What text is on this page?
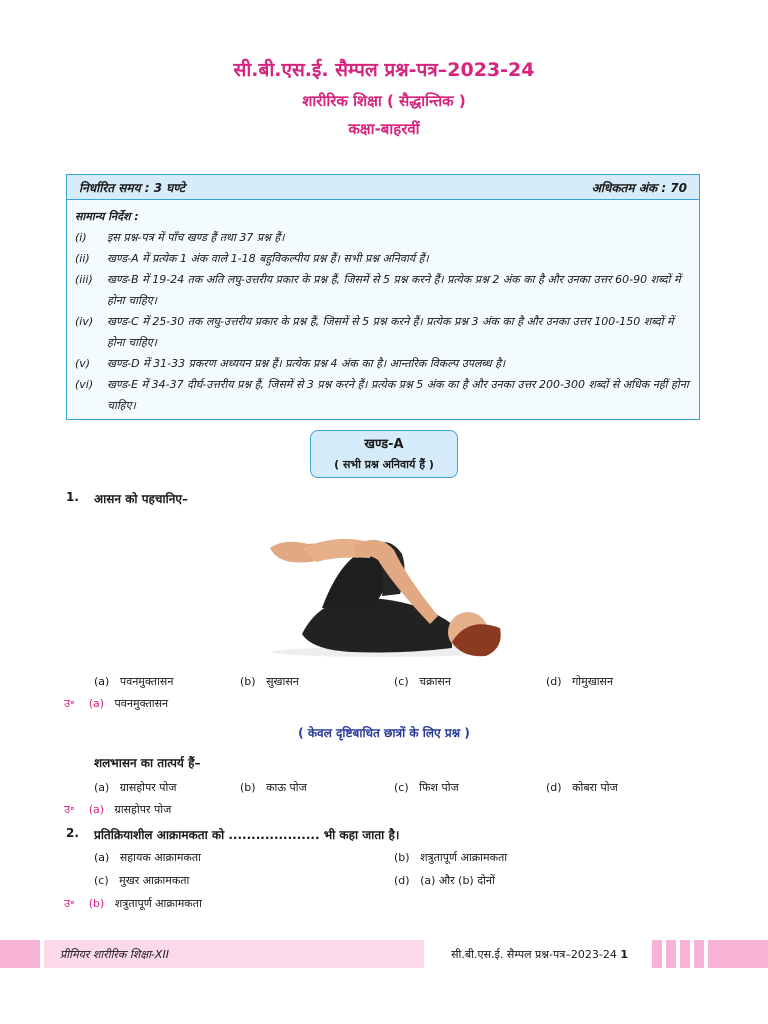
सी.बी.एस.ई. सैम्पल प्रश्न-पत्र–2023-24
शारीरिक शिक्षा ( सैद्धान्तिक )
कक्षा-बाहरवीं
निर्धारित समय : 3 घण्टे	अधिकतम अंक : 70
सामान्य निर्देश :
(i)	इस प्रश्न-पत्र में पाँच खण्ड हैं तथा 37 प्रश्न हैं।
(ii)	खण्ड-A में प्रत्येक 1 अंक वाले 1-18 बहुविकल्पीय प्रश्न हैं। सभी प्रश्न अनिवार्य हैं।
(iii)	खण्ड-B में 19-24 तक अति लघु-उत्तरीय प्रकार के प्रश्न हैं, जिसमें से 5 प्रश्न करने हैं। प्रत्येक प्रश्न 2 अंक का है और उनका उत्तर 60-90 शब्दों में होना चाहिए।
(iv)	खण्ड-C में 25-30 तक लघु-उत्तरीय प्रकार के प्रश्न हैं, जिसमें से 5 प्रश्न करने हैं। प्रत्येक प्रश्न 3 अंक का है और उनका उत्तर 100-150 शब्दों में होना चाहिए।
(v)	खण्ड-D में 31-33 प्रकरण अध्ययन प्रश्न हैं। प्रत्येक प्रश्न 4 अंक का है। आन्तरिक विकल्प उपलब्ध है।
(vi)	खण्ड-E में 34-37 दीर्घ-उत्तरीय प्रश्न हैं, जिसमें से 3 प्रश्न करने हैं। प्रत्येक प्रश्न 5 अंक का है और उनका उत्तर 200-300 शब्दों से अधिक नहीं होना चाहिए।
खण्ड-A
( सभी प्रश्न अनिवार्य हैं )
1. आसन को पहचानिए–
(a) पवनमुक्तासन	(b) सुखासन	(c) चक्रासन	(d) गोमुखासन
उ॰ (a) पवनमुक्तासन
( केवल दृष्टिबाधित छात्रों के लिए प्रश्न )
शलभासन का तात्पर्य हैं–
(a) ग्रासहोपर पोज	(b) काऊ पोज	(c) फिश पोज	(d) कोबरा पोज
उ॰ (a) ग्रासहोपर पोज
2. प्रतिक्रियाशील आक्रामकता को .................... भी कहा जाता है।
(a) सहायक आक्रामकता	(b) शत्रुतापूर्ण आक्रामकता
(c) मुखर आक्रामकता	(d) (a) और (b) दोनों
उ॰ (b) शत्रुतापूर्ण आक्रामकता
प्रीमियर शारीरिक शिक्षा-XII	सी.बी.एस.ई. सैम्पल प्रश्न-पत्र–2023-24 1
